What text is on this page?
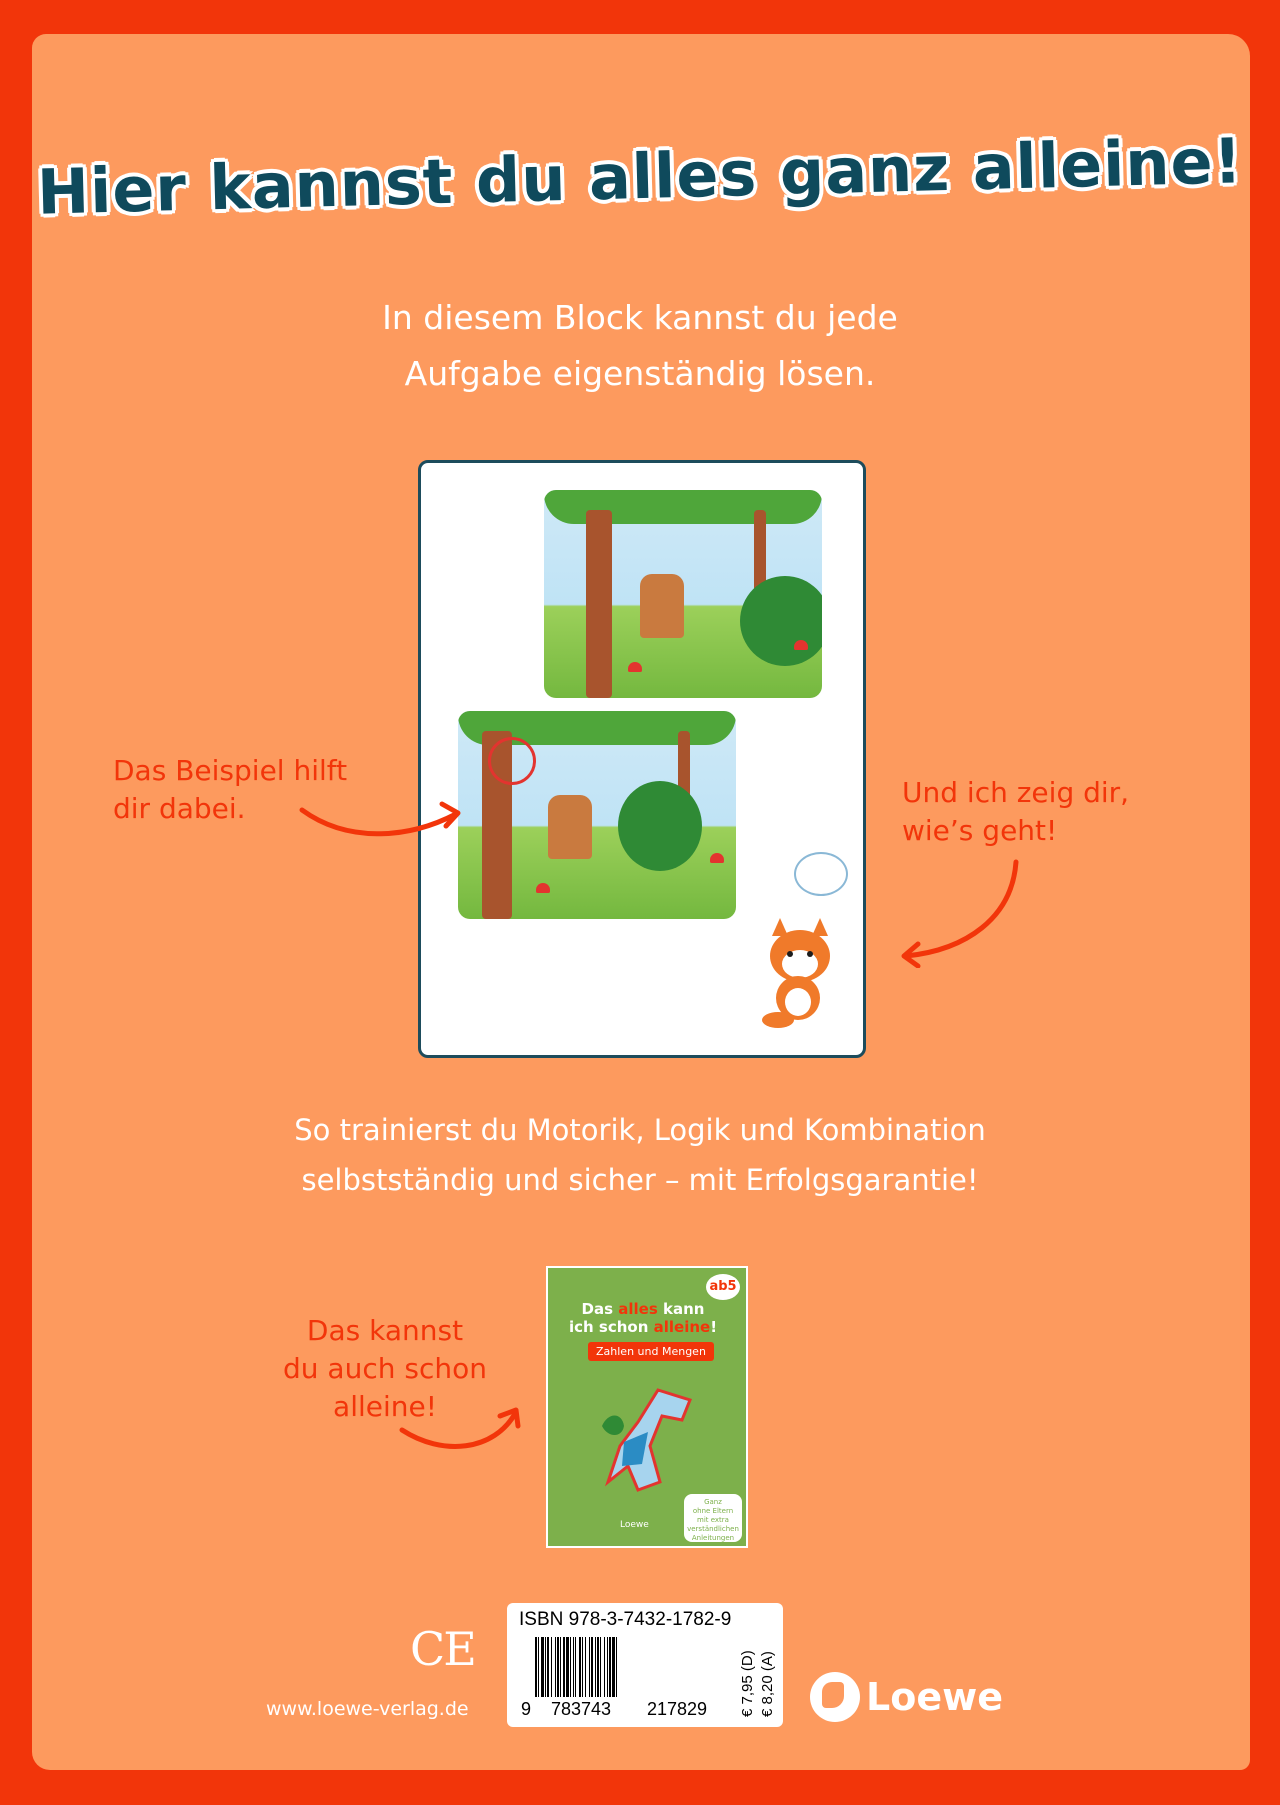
Hier kannst du alles ganz alleine!
In diesem Block kannst du jede
Aufgabe eigenständig lösen.
Das Beispiel hilft
dir dabei.	Und ich zeig dir,
wie’s geht!
So trainierst du Motorik, Logik und Kombination
selbstständig und sicher – mit Erfolgsgarantie!
Das kannst
du auch schon
alleine!
ab5
Das alles kann
ich schon alleine!
Zahlen und Mengen
Loewe
Ganz
ohne Eltern
mit extra verständlichen Anleitungen
CE
www.loewe-verlag.de
ISBN 978-3-7432-1782-9
9 783743 217829 € 7,95 (D) € 8,20 (A) Loewe
